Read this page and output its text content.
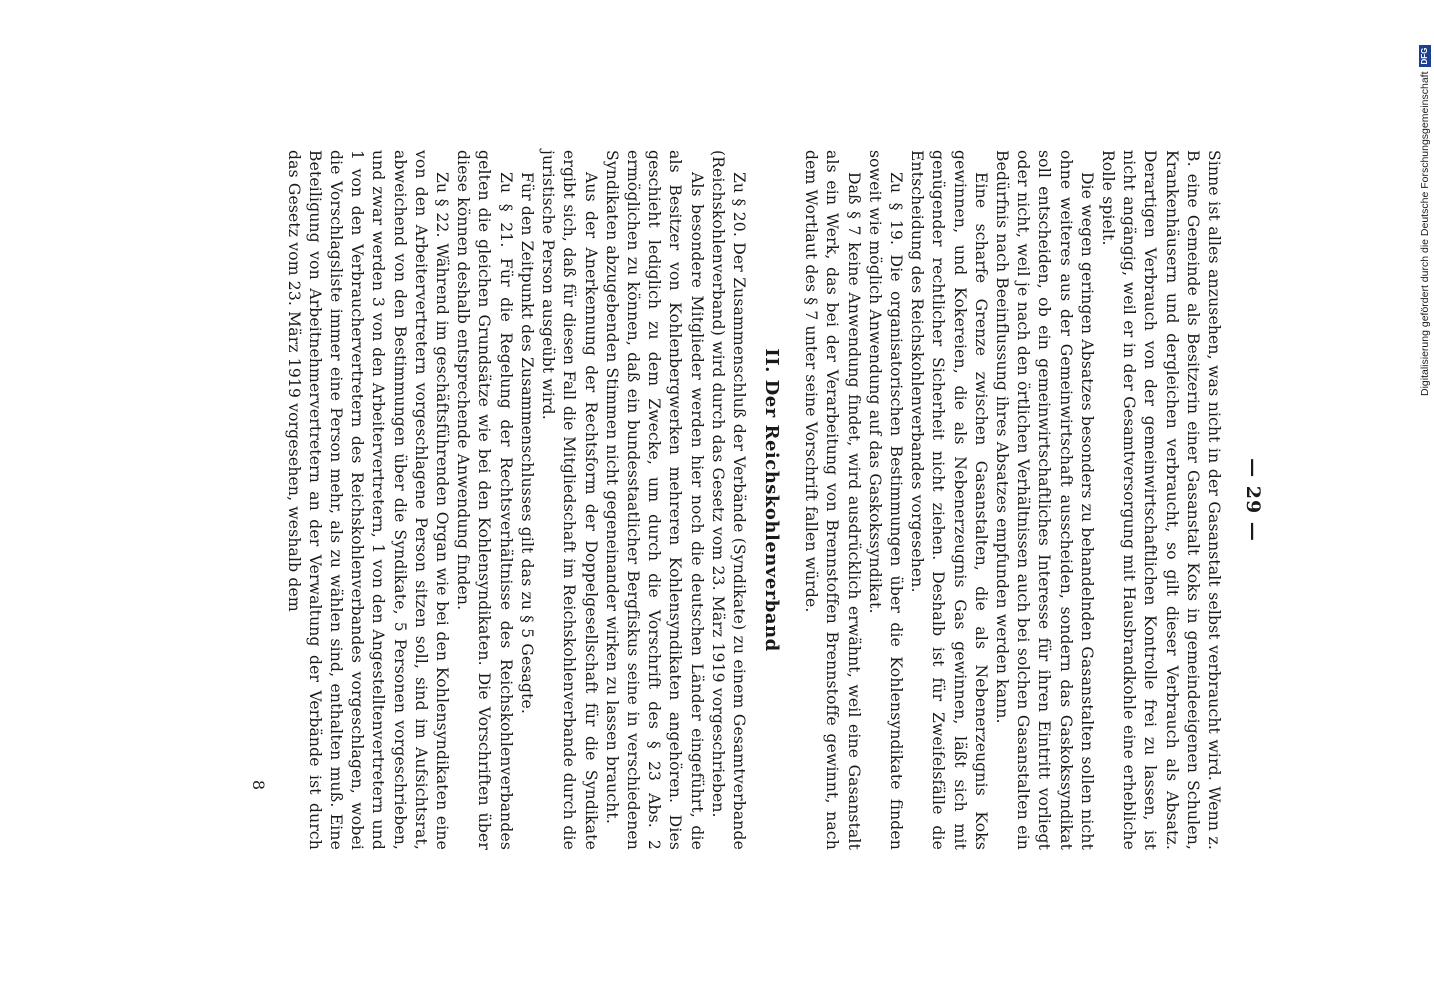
— 29 —

Sinne ist alles anzusehen, was nicht in der Gasanstalt selbst verbraucht wird. Wenn z. B. eine Gemeinde als Besitzerin einer Gasanstalt Koks in gemeindeeigenen Schulen, Krankenhäusern und dergleichen verbraucht, so gilt dieser Verbrauch als Absatz. Derartigen Verbrauch von der gemeinwirtschaftlichen Kontrolle frei zu lassen, ist nicht angängig, weil er in der Gesamtversorgung mit Hausbrandkohle eine erhebliche Rolle spielt.

Die wegen geringen Absatzes besonders zu behandelnden Gasanstalten sollen nicht ohne weiteres aus der Gemeinwirtschaft ausscheiden, sondern das Gaskokssyndikat soll entscheiden, ob ein gemeinwirtschaftliches Interesse für ihren Eintritt vorliegt oder nicht, weil je nach den örtlichen Verhältnissen auch bei solchen Gasanstalten ein Bedürfnis nach Beeinflussung ihres Absatzes empfunden werden kann.

Eine scharfe Grenze zwischen Gasanstalten, die als Nebenerzeugnis Koks gewinnen, und Kokereien, die als Nebenerzeugnis Gas gewinnen, läßt sich mit genügender rechtlicher Sicherheit nicht ziehen. Deshalb ist für Zweifelsfälle die Entscheidung des Reichskohlenverbandes vorgesehen.

Zu § 19. Die organisatorischen Bestimmungen über die Kohlensyndikate finden soweit wie möglich Anwendung auf das Gaskokssyndikat.

Daß § 7 keine Anwendung findet, wird ausdrücklich erwähnt, weil eine Gasanstalt als ein Werk, das bei der Verarbeitung von Brennstoffen Brennstoffe gewinnt, nach dem Wortlaut des § 7 unter seine Vorschrift fallen würde.

II. Der Reichskohlenverband

Zu § 20. Der Zusammenschluß der Verbände (Syndikate) zu einem Gesamtverbande (Reichskohlenverband) wird durch das Gesetz vom 23. März 1919 vorgeschrieben.

Als besondere Mitglieder werden hier noch die deutschen Länder eingeführt, die als Besitzer von Kohlenbergwerken mehreren Kohlensyndikaten angehören. Dies geschieht lediglich zu dem Zwecke, um durch die Vorschrift des § 23 Abs. 2 ermöglichen zu können, daß ein bundesstaatlicher Bergfiskus seine in verschiedenen Syndikaten abzugebenden Stimmen nicht gegeneinander wirken zu lassen braucht.

Aus der Anerkennung der Rechtsform der Doppelgesellschaft für die Syndikate ergibt sich, daß für diesen Fall die Mitgliedschaft im Reichskohlenverbande durch die juristische Person ausgeübt wird.

Für den Zeitpunkt des Zusammenschlusses gilt das zu § 5 Gesagte.

Zu § 21. Für die Regelung der Rechtsverhältnisse des Reichskohlenverbandes gelten die gleichen Grundsätze wie bei den Kohlensyndikaten. Die Vorschriften über diese können deshalb entsprechende Anwendung finden.

Zu § 22. Während im geschäftsführenden Organ wie bei den Kohlensyndikaten eine von den Arbeitervertretern vorgeschlagene Person sitzen soll, sind im Aufsichtsrat, abweichend von den Bestimmungen über die Syndikate, 5 Personen vorgeschrieben, und zwar werden 3 von den Arbeitervertretern, 1 von den Angestelltenvertretern und 1 von den Verbrauchervertretern des Reichskohlenverbandes vorgeschlagen, wobei die Vorschlagsliste immer eine Person mehr, als zu wählen sind, enthalten muß. Eine Beteiligung von Arbeitnehmervertretern an der Verwaltung der Verbände ist durch das Gesetz vom 23. März 1919 vorgesehen, weshalb dem

8
Digitalisierung gefördert durch die Deutsche Forschungsgemeinschaft
DFG
